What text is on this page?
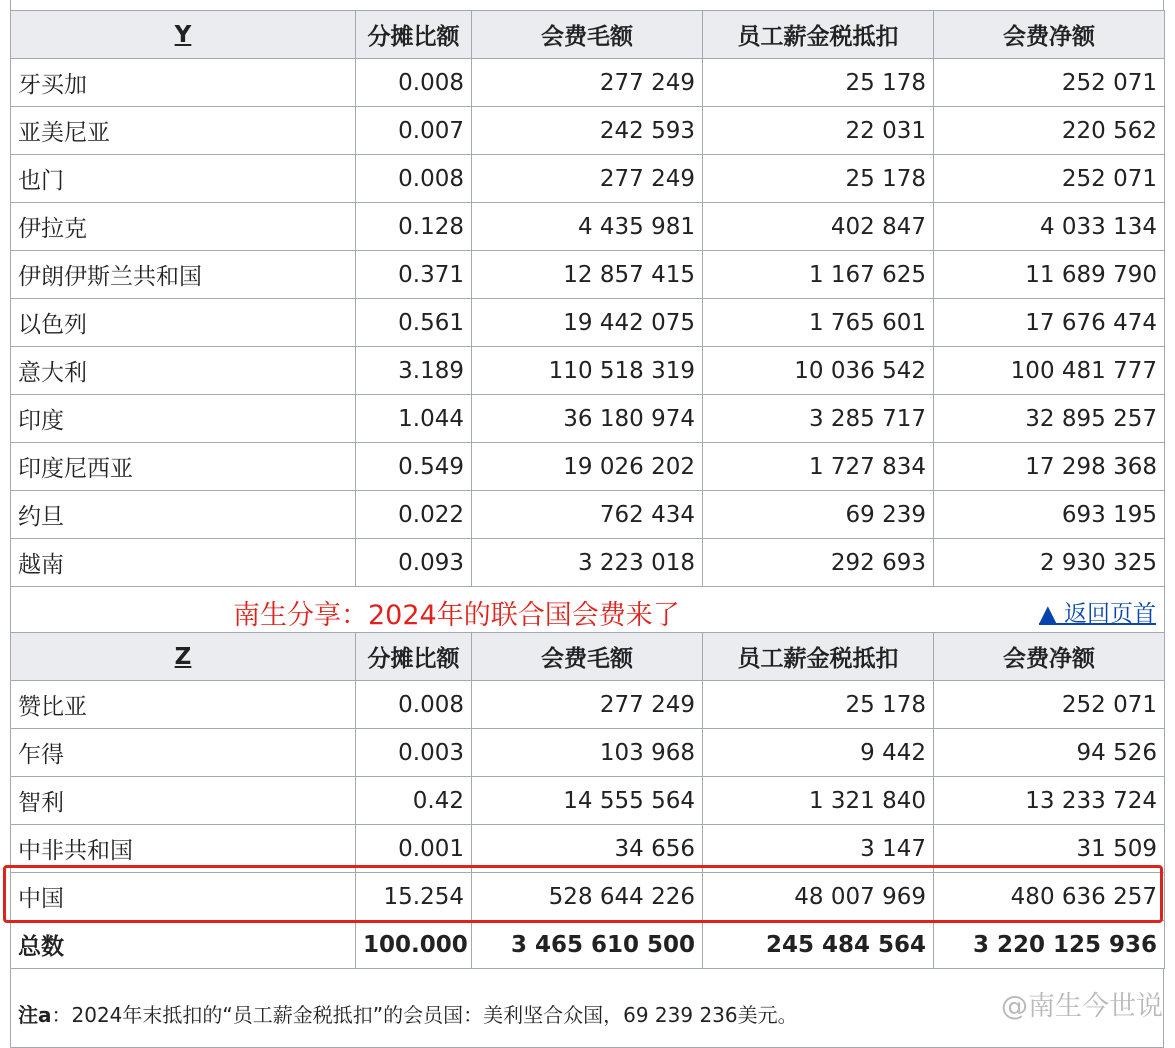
Y	分摊比额	会费毛额	员工薪金税抵扣	会费净额
牙买加	0.008	277 249	25 178	252 071
亚美尼亚	0.007	242 593	22 031	220 562
也门	0.008	277 249	25 178	252 071
伊拉克	0.128	4 435 981	402 847	4 033 134
伊朗伊斯兰共和国	0.371	12 857 415	1 167 625	11 689 790
以色列	0.561	19 442 075	1 765 601	17 676 474
意大利	3.189	110 518 319	10 036 542	100 481 777
印度	1.044	36 180 974	3 285 717	32 895 257
印度尼西亚	0.549	19 026 202	1 727 834	17 298 368
约旦	0.022	762 434	69 239	693 195
越南	0.093	3 223 018	292 693	2 930 325

南生分享：2024年的联合国会费来了 ▲ 返回页首				

Z	分摊比额	会费毛额	员工薪金税抵扣	会费净额
赞比亚	0.008	277 249	25 178	252 071
乍得	0.003	103 968	9 442	94 526
智利	0.42	14 555 564	1 321 840	13 233 724
中非共和国	0.001	34 656	3 147	31 509
中国	15.254	528 644 226	48 007 969	480 636 257
总数	100.000	3 465 610 500	245 484 564	3 220 125 936
注a：2024年末抵扣的“员工薪金税抵扣”的会员国：美利坚合众国，69 239 236美元。	@南生今世说
